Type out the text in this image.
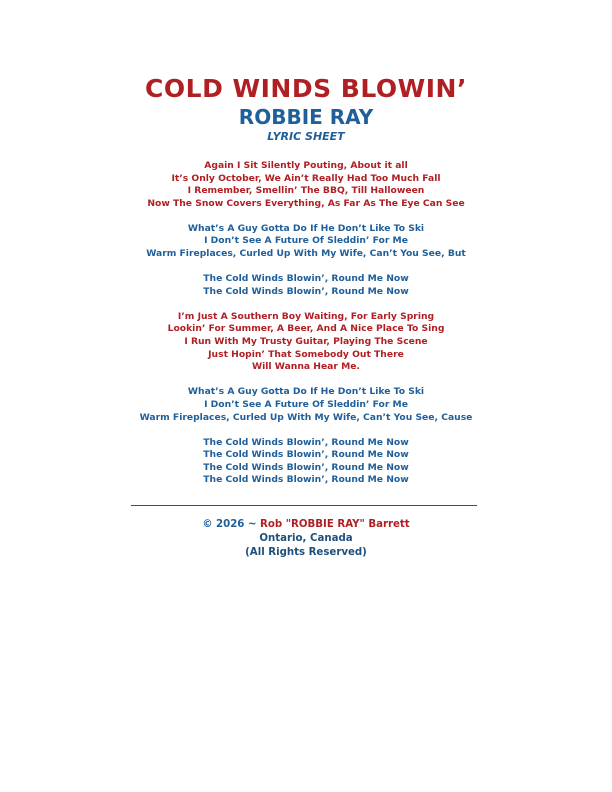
COLD WINDS BLOWIN’
ROBBIE RAY
LYRIC SHEET
Again I Sit Silently Pouting, About it all
It’s Only October, We Ain’t Really Had Too Much Fall
I Remember, Smellin’ The BBQ, Till Halloween
Now The Snow Covers Everything, As Far As The Eye Can See
What’s A Guy Gotta Do If He Don’t Like To Ski
I Don’t See A Future Of Sleddin’ For Me
Warm Fireplaces, Curled Up With My Wife, Can’t You See, But
The Cold Winds Blowin’, Round Me Now
The Cold Winds Blowin’, Round Me Now
I’m Just A Southern Boy Waiting, For Early Spring
Lookin’ For Summer, A Beer, And A Nice Place To Sing
I Run With My Trusty Guitar, Playing The Scene
Just Hopin’ That Somebody Out There
Will Wanna Hear Me.
What’s A Guy Gotta Do If He Don’t Like To Ski
I Don’t See A Future Of Sleddin’ For Me
Warm Fireplaces, Curled Up With My Wife, Can’t You See, Cause
The Cold Winds Blowin’, Round Me Now
The Cold Winds Blowin’, Round Me Now
The Cold Winds Blowin’, Round Me Now
The Cold Winds Blowin’, Round Me Now
© 2026 ~ Rob "ROBBIE RAY" Barrett
Ontario, Canada
(All Rights Reserved)
